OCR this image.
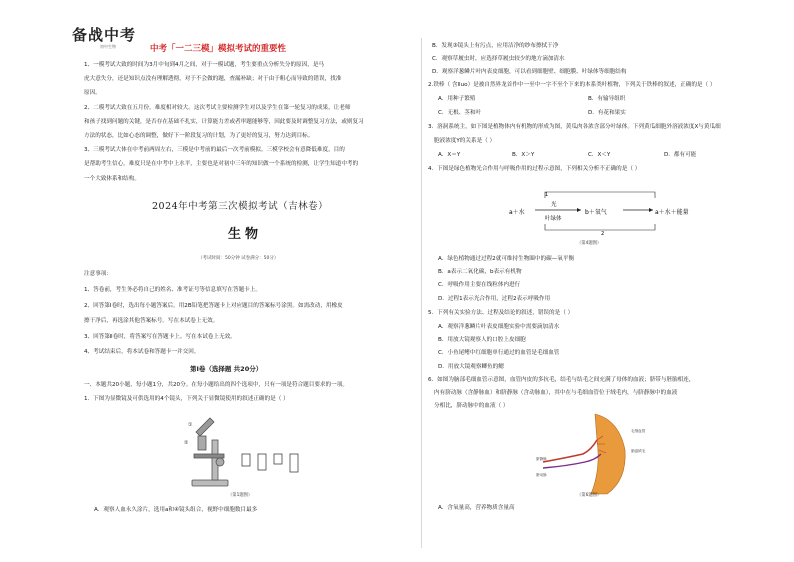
备战中考
初中生物	中考「一二三模」模拟考试的重要性
1、一模考试大致的时间为3月中旬到4月之间，对于一模试题，考生要重点分析失分的原因，是马
虎大意失分，还是知识点没有理解透彻，对于不会做的题，查漏补缺；对于由于粗心而导致的错误，找准
原因。
2、二模考试大致在五月份，难度相对较大。这次考试主要检测学生对以及学生在第一轮复习的成果，让老师
和孩子找到问题的关键，是否存在基础不扎实，计算能力差或者审题能够等，因此要及时调整复习方法，或则复习
方法的状态，比如心态的调整，做好下一阶段复习的计划，为了更好的复习，努力达到目标。
3、三模考试大体在中考前两周左右，三模是中考前的最后一次考前模拟。三模学校会有意降低难度，目的
是帮助考生信心，难度只是在中考中上水平，主要也是对初中三年的知识做一个系统的检测，让学生知道中考的
一个大致体系和结构。
2024年中考第三次模拟考试（吉林卷）
生物
（考试时间：50分钟 试卷满分：50分）
注意事项：
1、答卷前，考生务必将自己的姓名、准考证号等信息填写在答题卡上。
2、回答第Ⅰ卷时，选出每小题答案后，用2B铅笔把答题卡上对应题目的答案标号涂黑。如需改动，用橡皮
擦干净后，再选涂其他答案标号。写在本试卷上无效。
3、回答第Ⅱ卷时，将答案写在答题卡上。写在本试卷上无效。
4、考试结束后，将本试卷和答题卡一并交回。
第Ⅰ卷（选择题 共20分）
一、本题共20小题，每小题1分，共20分。在每小题给出的四个选项中，只有一项是符合题目要求的一项。
1．下图为显微镜及可供选用的4个镜头，下列关于显微镜使用的叙述正确的是（ ）
①
②
（第1题图）
A．观察人血永久涂片，选用a和④镜头组合，视野中细胞数目最多
B．发现③镜头上有污点，应用洁净的纱布擦拭干净
C．观察草履虫时，应选择草履虫较少的地方滴加清水
D．观察洋葱鳞片叶内表皮细胞，可以看到细胞壁、细胞膜、叶绿体等细胞结构
2.铁棒（ 含lluo）是被自然界龙首作中一至中一字不至个下来的本系类叶植物，下列关于铁棒的叙述，正确的是（ ）
A．用种子繁殖	B．有输导组织
C．无根、茎和叶	D．有花和果实
3．溶洞系统主，如下图是植物体内有机物的形成为图，黄瓜肉各浓含部分叶绿体。下列黄瓜细胞外溶液浓度X与黄瓜细
胞液浓度Y的关系是（ ）
A．X＝Y	B．X＞Y	C．X＜Y	D．都有可能
4．下图是绿色植物光合作用与呼吸作用的过程示意图，下列相关分析不正确的是（ ）
a＋水
1
光
叶绿体
b＋氧气	a＋水＋能量
2
（第4题图）
A．绿色植物通过过程2就可维持生物圈中的碳—氧平衡
B．a表示二氧化碳，b表示有机物
C．呼吸作用主要在线粒体内进行
D．过程1表示光合作用，过程2表示呼吸作用
5．下列有关实验方法、过程及结论的叙述，错误的是（ ）
A．观察洋葱鳞片叶表皮细胞实验中需要滴加清水
B．用放大镜观察人的口腔上皮细胞
C．小鱼尾鳍中红细胞单行通过的血管是毛细血管
D．用放大镜观察鲫鱼的鳃
6．如图为脑部毛细血管示意图，血管内皮的多抗毛，结毛与结毛之间充满了母体的血液；脐带与胚胎相连，
内有脐动脉（含静脉血）和脐静脉（含动脉血），其中在与毛细血管位于绒毛内，与脐静脉中的血液
分相比，脐动脉中的血液（ ）
脐静脉
脐动脉
毛细血管
胎盘绒毛
（第6题图）
A．含氧量高，营养物质含量高
